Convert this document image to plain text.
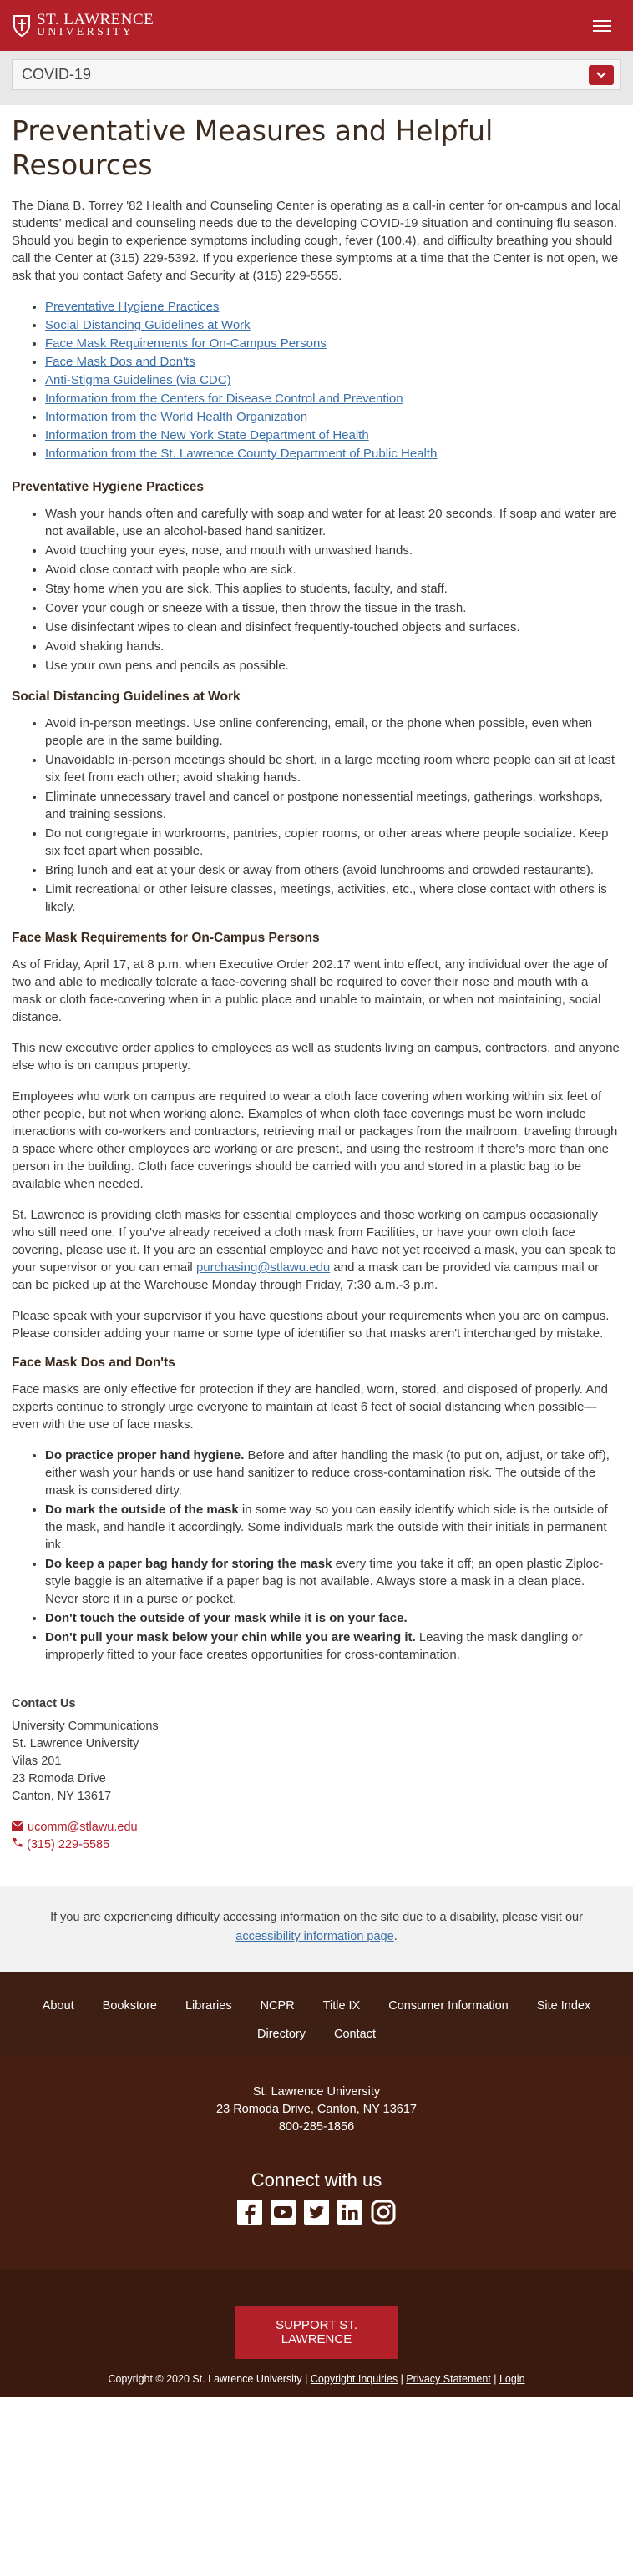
ST. LAWRENCE
UNIVERSITY
COVID-19
Preventative Measures and Helpful Resources

The Diana B. Torrey '82 Health and Counseling Center is operating as a call-in center for on-campus and local students' medical and counseling needs due to the developing COVID-19 situation and continuing flu season. Should you begin to experience symptoms including cough, fever (100.4), and difficulty breathing you should call the Center at (315) 229-5392. If you experience these symptoms at a time that the Center is not open, we ask that you contact Safety and Security at (315) 229-5555.

• Preventative Hygiene Practices
• Social Distancing Guidelines at Work
• Face Mask Requirements for On-Campus Persons
• Face Mask Dos and Don'ts
• Anti-Stigma Guidelines (via CDC)
• Information from the Centers for Disease Control and Prevention
• Information from the World Health Organization
• Information from the New York State Department of Health
• Information from the St. Lawrence County Department of Public Health
Preventative Hygiene Practices
• Wash your hands often and carefully with soap and water for at least 20 seconds. If soap and water are not available, use an alcohol-based hand sanitizer.
• Avoid touching your eyes, nose, and mouth with unwashed hands.
• Avoid close contact with people who are sick.
• Stay home when you are sick. This applies to students, faculty, and staff.
• Cover your cough or sneeze with a tissue, then throw the tissue in the trash.
• Use disinfectant wipes to clean and disinfect frequently-touched objects and surfaces.
• Avoid shaking hands.
• Use your own pens and pencils as possible.
Social Distancing Guidelines at Work
• Avoid in-person meetings. Use online conferencing, email, or the phone when possible, even when people are in the same building.
• Unavoidable in-person meetings should be short, in a large meeting room where people can sit at least six feet from each other; avoid shaking hands.
• Eliminate unnecessary travel and cancel or postpone nonessential meetings, gatherings, workshops, and training sessions.
• Do not congregate in workrooms, pantries, copier rooms, or other areas where people socialize. Keep six feet apart when possible.
• Bring lunch and eat at your desk or away from others (avoid lunchrooms and crowded restaurants).
• Limit recreational or other leisure classes, meetings, activities, etc., where close contact with others is likely.
Face Mask Requirements for On-Campus Persons

As of Friday, April 17, at 8 p.m. when Executive Order 202.17 went into effect, any individual over the age of two and able to medically tolerate a face-covering shall be required to cover their nose and mouth with a mask or cloth face-covering when in a public place and unable to maintain, or when not maintaining, social distance.

This new executive order applies to employees as well as students living on campus, contractors, and anyone else who is on campus property.

Employees who work on campus are required to wear a cloth face covering when working within six feet of other people, but not when working alone. Examples of when cloth face coverings must be worn include interactions with co-workers and contractors, retrieving mail or packages from the mailroom, traveling through a space where other employees are working or are present, and using the restroom if there's more than one person in the building. Cloth face coverings should be carried with you and stored in a plastic bag to be available when needed.

St. Lawrence is providing cloth masks for essential employees and those working on campus occasionally who still need one. If you've already received a cloth mask from Facilities, or have your own cloth face covering, please use it. If you are an essential employee and have not yet received a mask, you can speak to your supervisor or you can email purchasing@stlawu.edu and a mask can be provided via campus mail or can be picked up at the Warehouse Monday through Friday, 7:30 a.m.-3 p.m.

Please speak with your supervisor if you have questions about your requirements when you are on campus. Please consider adding your name or some type of identifier so that masks aren't interchanged by mistake.

Face Mask Dos and Don'ts

Face masks are only effective for protection if they are handled, worn, stored, and disposed of properly. And experts continue to strongly urge everyone to maintain at least 6 feet of social distancing when possible—even with the use of face masks.

• Do practice proper hand hygiene. Before and after handling the mask (to put on, adjust, or take off), either wash your hands or use hand sanitizer to reduce cross-contamination risk. The outside of the mask is considered dirty.
• Do mark the outside of the mask in some way so you can easily identify which side is the outside of the mask, and handle it accordingly. Some individuals mark the outside with their initials in permanent ink.
• Do keep a paper bag handy for storing the mask every time you take it off; an open plastic Ziploc-style baggie is an alternative if a paper bag is not available. Always store a mask in a clean place. Never store it in a purse or pocket.
• Don't touch the outside of your mask while it is on your face.
• Don't pull your mask below your chin while you are wearing it. Leaving the mask dangling or improperly fitted to your face creates opportunities for cross-contamination.
Contact Us
University Communications
St. Lawrence University
Vilas 201
23 Romoda Drive
Canton, NY 13617
ucomm@stlawu.edu
(315) 229-5585
If you are experiencing difficulty accessing information on the site due to a disability, please visit our accessibility information page.
About	Bookstore	Libraries	NCPR	Title IX	Consumer Information	Site Index
Directory	Contact
St. Lawrence University
23 Romoda Drive, Canton, NY 13617
800-285-1856
Connect with us
SUPPORT ST. LAWRENCE
Copyright © 2020 St. Lawrence University | Copyright Inquiries | Privacy Statement | Login
